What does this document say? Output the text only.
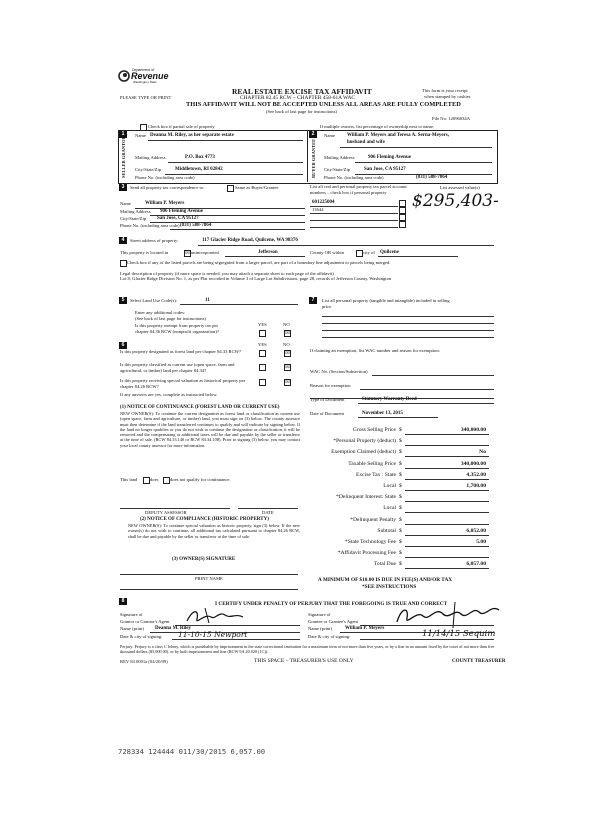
Department of
Revenue
Washington State
PLEASE TYPE OR PRINT
REAL ESTATE EXCISE TAX AFFIDAVIT
CHAPTER 82.45 RCW – CHAPTER 458-61A WAC
THIS AFFIDAVIT WILL NOT BE ACCEPTED UNLESS ALL AREAS ARE FULLY COMPLETED
(See back of last page for instructions)
This form is your receipt
when stamped by cashier.
File No: 12096034A
Check box if partial sale of property	If multiple owners, list percentage of ownership next to name.
1
SELLER GRANTOR
Name Deanna M. Riley, as her separate estate
Mailing Address	P.O. Box 4773
City/State/Zip	Middletown, RI 02842
Phone No. (including area code)
2
BUYER GRANTEE
Name William P. Meyers and Teresa A. Serna-Meyers,
husband and wife
Mailing Address	906 Fleming Avenue
City/State/Zip	San Jose, CA 95127
Phone No. (including area code)	(831) 588-7864
3	Send all property tax correspondence to:	Same as Buyer/Grantee
Name	William P. Meyers
Mailing Address 906 Fleming Avenue
City/State/Zip San Jose, CA 95127
Phone No. (including area code) (831) 588-7864
List all real and personal property tax parcel account numbers – check box if personal property
List assessed value(s)
601225004
13644	$295,403-
4	Street address of property:	117 Glacier Ridge Road, Quilcene, WA 98376
This property is located in	☒ unincorporated	Jefferson	County OR within	city of Quilcene
Check box if any of the listed parcels are being segregated from a larger parcel, are part of a boundary line adjustment or parcels being merged.
Legal description of property (if more space is needed, you may attach a separate sheet to each page of the affidavit)
Lot 8, Glacier Ridge Division No. 1, as per Plat recorded in Volume 3 of Large Lot Subdivisions, page 28, records of Jefferson County, Washington
5	Select Land Use Code(s):	11
Enter any additional codes:
(See back of last page for instructions)
YES	NO
Is this property exempt from property tax per
chapter 84.36 RCW (nonprofit organization)?	☒
7	List all personal property (tangible and intangible) included in selling
price.
6	YES	NO
Is this property designated as forest land per chapter 84.33 RCW?	☒
Is this property classified as current use (open space, farm and agricultural, or timber) land per chapter 84.34?
☒
Is this property receiving special valuation as historical property per chapter 84.26 RCW?
☒
If any answers are yes, complete as instructed below.
(1) NOTICE OF CONTINUANCE (FOREST LAND OR CURRENT USE)
NEW OWNER(S): To continue the current designation as forest land or classification as current use (open space, farm and agriculture, or timber) land, you must sign on (3) below. The county assessor must then determine if the land transferred continues to qualify and will indicate by signing below. If the land no longer qualifies or you do not wish to continue the designation or classification, it will be removed and the compensating or additional taxes will be due and payable by the seller or transferor at the time of sale. (RCW 84.33.140 or RCW 84.34.108). Prior to signing (3) below, you may contact your local county assessor for more information.
This land	does	does not qualify for continuance.
DEPUTY ASSESSOR	DATE
(2) NOTICE OF COMPLIANCE (HISTORIC PROPERTY)
NEW OWNER(S): To continue special valuation as historic property, sign (3) below. If the new owner(s) do not wish to continue, all additional tax calculated pursuant to chapter 84.26 RCW, shall be due and payable by the seller or transferor at the time of sale.
(3) OWNER(S) SIGNATURE
PRINT NAME
If claiming an exemption, list WAC number and reason for exemption:
WAC No. (Section/Subsection)
Reason for exemption
Type of Document	Statutory Warranty Deed
Date of Document	November 13, 2015
Gross Selling Price $	340,000.00
*Personal Property (deduct) $
Exemption Claimed (deduct) $	No
Taxable Selling Price $	340,000.00
Excise Tax : State $	4,352.00
Local $	1,700.00
*Delinquent Interest: State $
Local $
*Delinquent Penalty $
Subtotal $	6,052.00
*State Technology Fee $	5.00
*Affidavit Processing Fee $
Total Due $	6,057.00
A MINIMUM OF $10.00 IS DUE IN FEE(S) AND/OR TAX
*SEE INSTRUCTIONS
8	I CERTIFY UNDER PENALTY OF PERJURY THAT THE FOREGOING IS TRUE AND CORRECT
Signature of
Grantor or Grantor's Agent
Name (print) Deanna M. Riley
Date & city of signing: 11-10-15 Newport
Signature of
Grantee or Grantee's Agent
Name (print)	William P. Meyers
Date & city of signing:	11/14/15 Sequim
Perjury: Perjury is a class C felony, which is punishable by imprisonment in the state correctional institution for a maximum term of not more than five years, or by a fine in an amount fixed by the court of not more than five thousand dollars ($5,000.00), or by both imprisonment and fine (RCW 9A.20.020 (1C)).
REV 84 0001a (04/20/09)	THIS SPACE – TREASURER'S USE ONLY	COUNTY TREASURER
728334 124444 011/30/2015 6,057.00
